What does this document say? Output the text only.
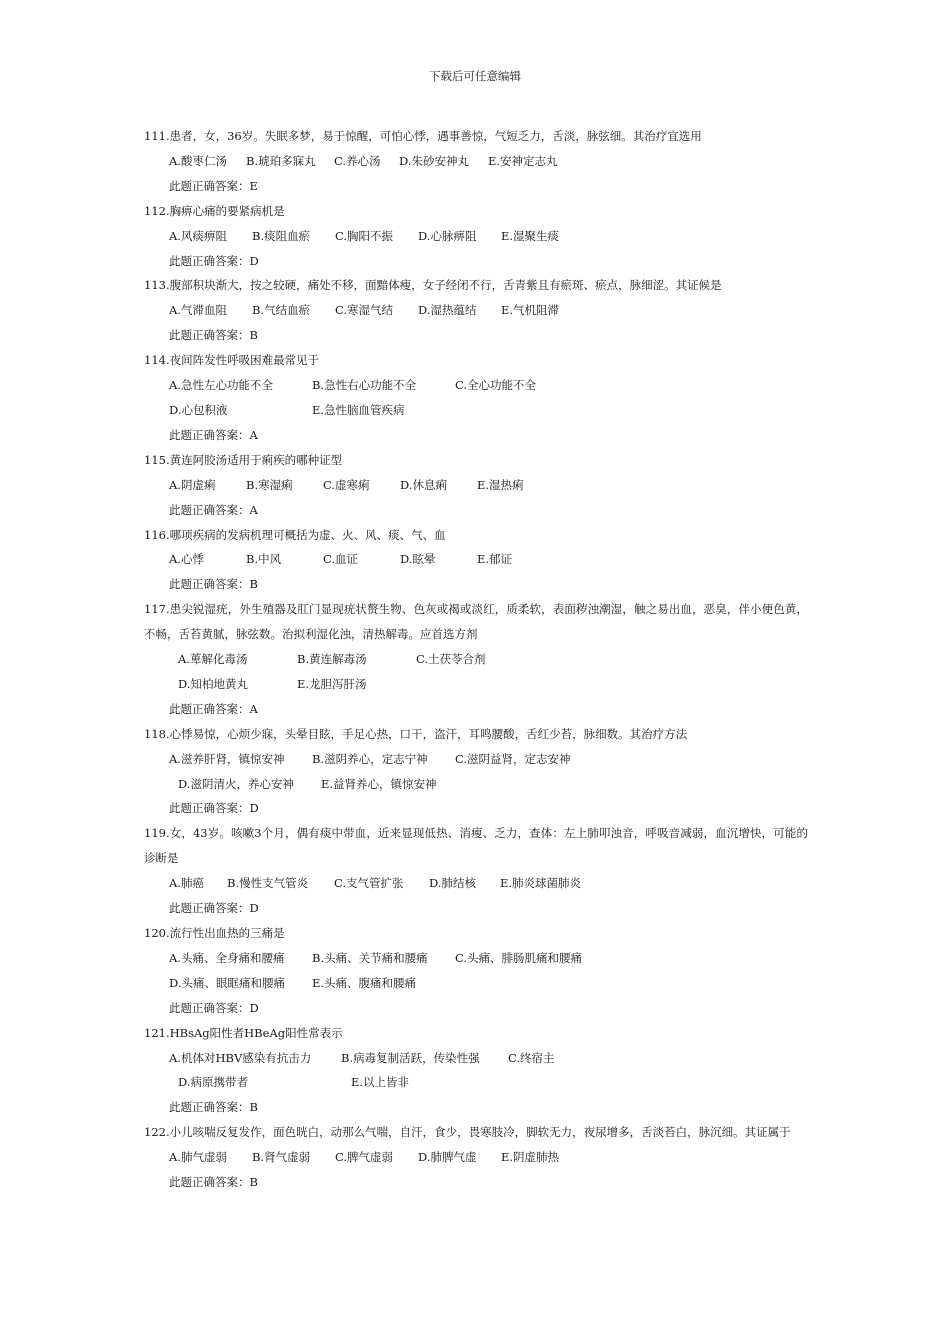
下载后可任意编辑
111.患者，女，36岁。失眠多梦，易于惊醒，可怕心悸，遇事善惊，气短乏力，舌淡，脉弦细。其治疗宜选用
A.酸枣仁汤 B.琥珀多寐丸 C.养心汤 D.朱砂安神丸 E.安神定志丸
此题正确答案：E
112.胸痹心痛的要紧病机是
A.风痰痹阻 B.痰阻血瘀 C.胸阳不振 D.心脉痹阻 E.湿聚生痰
此题正确答案：D
113.腹部积块渐大，按之较硬，痛处不移，面黯体瘦，女子经闭不行，舌青紫且有瘀斑、瘀点，脉细涩。其证候是
A.气滞血阻 B.气结血瘀 C.寒湿气结 D.湿热蕴结 E.气机阻滞
此题正确答案：B
114.夜间阵发性呼吸困难最常见于
A.急性左心功能不全	B.急性右心功能不全	C.全心功能不全
D.心包积液	E.急性脑血管疾病
此题正确答案：A
115.黄连阿胶汤适用于痢疾的哪种证型
A.阴虚痢	B.寒湿痢	C.虚寒痢	D.休息痢	E.湿热痢
此题正确答案：A
116.哪项疾病的发病机理可概括为虚、火、风、痰、气、血
A.心悸	B.中风	C.血证	D.眩晕	E.郁证
此题正确答案：B
117.患尖锐湿疣，外生殖器及肛门显现疣状赘生物、色灰或褐或淡红，质柔软，表面秽浊潮湿，触之易出血，恶臭，伴小便色黄，不畅，舌苔黄腻，脉弦数。治拟利湿化浊，清热解毒。应首选方剂
A.萆解化毒汤	B.黄连解毒汤	C.土茯苓合剂
D.知柏地黄丸	E.龙胆泻肝汤
此题正确答案：A
118.心悸易惊，心烦少寐，头晕目眩，手足心热，口干，盗汗，耳鸣腰酸，舌红少苔，脉细数。其治疗方法
A.滋养肝肾，镇惊安神 B.滋阴养心，定志宁神 C.滋阴益肾，定志安神
D.滋阴清火，养心安神 E.益肾养心，镇惊安神
此题正确答案：D
119.女，43岁。咳嗽3个月，偶有痰中带血，近来显现低热、消瘦、乏力，查体：左上肺叩浊音，呼吸音减弱，血沉增快，可能的诊断是
A.肺癌 B.慢性支气管炎 C.支气管扩张 D.肺结核 E.肺炎球菌肺炎
此题正确答案：D
120.流行性出血热的三痛是
A.头痛、全身痛和腰痛 B.头痛、关节痛和腰痛 C.头痛、腓肠肌痛和腰痛
D.头痛、眼眶痛和腰痛 E.头痛、腹痛和腰痛
此题正确答案：D
121.HBsAg阳性者HBeAg阳性常表示
A.机体对HBV感染有抗击力	B.病毒复制活跃，传染性强 C.终宿主
D.病原携带者	E.以上皆非
此题正确答案：B
122.小儿咳喘反复发作，面色晄白，动那么气喘，自汗，食少，畏寒肢冷，脚软无力，夜尿增多，舌淡苔白，脉沉细。其证属于
A.肺气虚弱 B.肾气虚弱 C.脾气虚弱 D.肺脾气虚 E.阴虚肺热
此题正确答案：B
